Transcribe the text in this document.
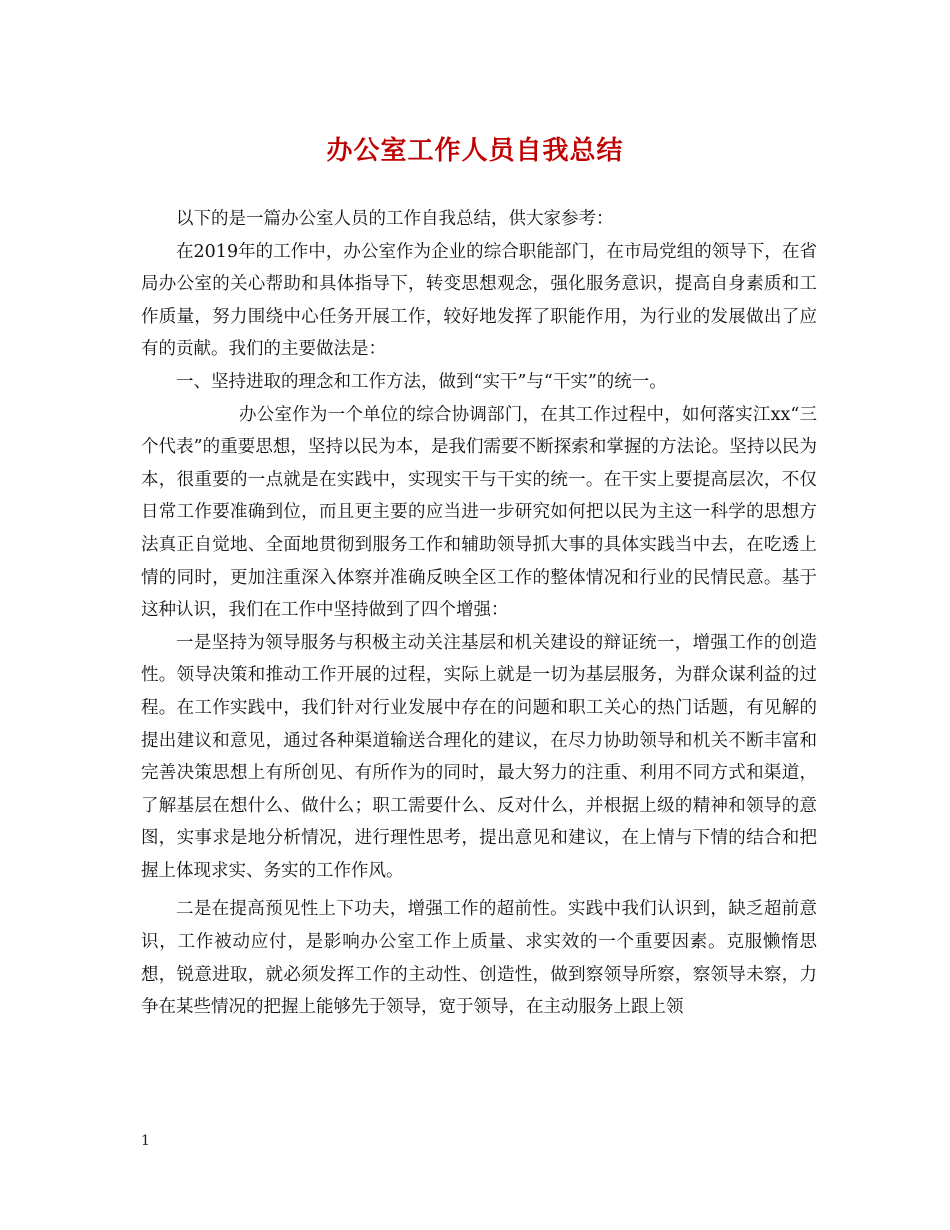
办公室工作人员自我总结

以下的是一篇办公室人员的工作自我总结，供大家参考：

在2019年的工作中，办公室作为企业的综合职能部门，在市局党组的领导下，在省局办公室的关心帮助和具体指导下，转变思想观念，强化服务意识，提高自身素质和工作质量，努力围绕中心任务开展工作，较好地发挥了职能作用，为行业的发展做出了应有的贡献。我们的主要做法是：

一、坚持进取的理念和工作方法，做到“实干”与“干实”的统一。

办公室作为一个单位的综合协调部门，在其工作过程中，如何落实江xx“三个代表”的重要思想，坚持以民为本，是我们需要不断探索和掌握的方法论。坚持以民为本，很重要的一点就是在实践中，实现实干与干实的统一。在干实上要提高层次，不仅日常工作要准确到位，而且更主要的应当进一步研究如何把以民为主这一科学的思想方法真正自觉地、全面地贯彻到服务工作和辅助领导抓大事的具体实践当中去，在吃透上情的同时，更加注重深入体察并准确反映全区工作的整体情况和行业的民情民意。基于这种认识，我们在工作中坚持做到了四个增强：

一是坚持为领导服务与积极主动关注基层和机关建设的辩证统一，增强工作的创造性。领导决策和推动工作开展的过程，实际上就是一切为基层服务，为群众谋利益的过程。在工作实践中，我们针对行业发展中存在的问题和职工关心的热门话题，有见解的提出建议和意见，通过各种渠道输送合理化的建议，在尽力协助领导和机关不断丰富和完善决策思想上有所创见、有所作为的同时，最大努力的注重、利用不同方式和渠道，了解基层在想什么、做什么；职工需要什么、反对什么，并根据上级的精神和领导的意图，实事求是地分析情况，进行理性思考，提出意见和建议，在上情与下情的结合和把握上体现求实、务实的工作作风。

二是在提高预见性上下功夫，增强工作的超前性。实践中我们认识到，缺乏超前意识，工作被动应付，是影响办公室工作上质量、求实效的一个重要因素。克服懒惰思想，锐意进取，就必须发挥工作的主动性、创造性，做到察领导所察，察领导未察，力争在某些情况的把握上能够先于领导，宽于领导，在主动服务上跟上领

1
